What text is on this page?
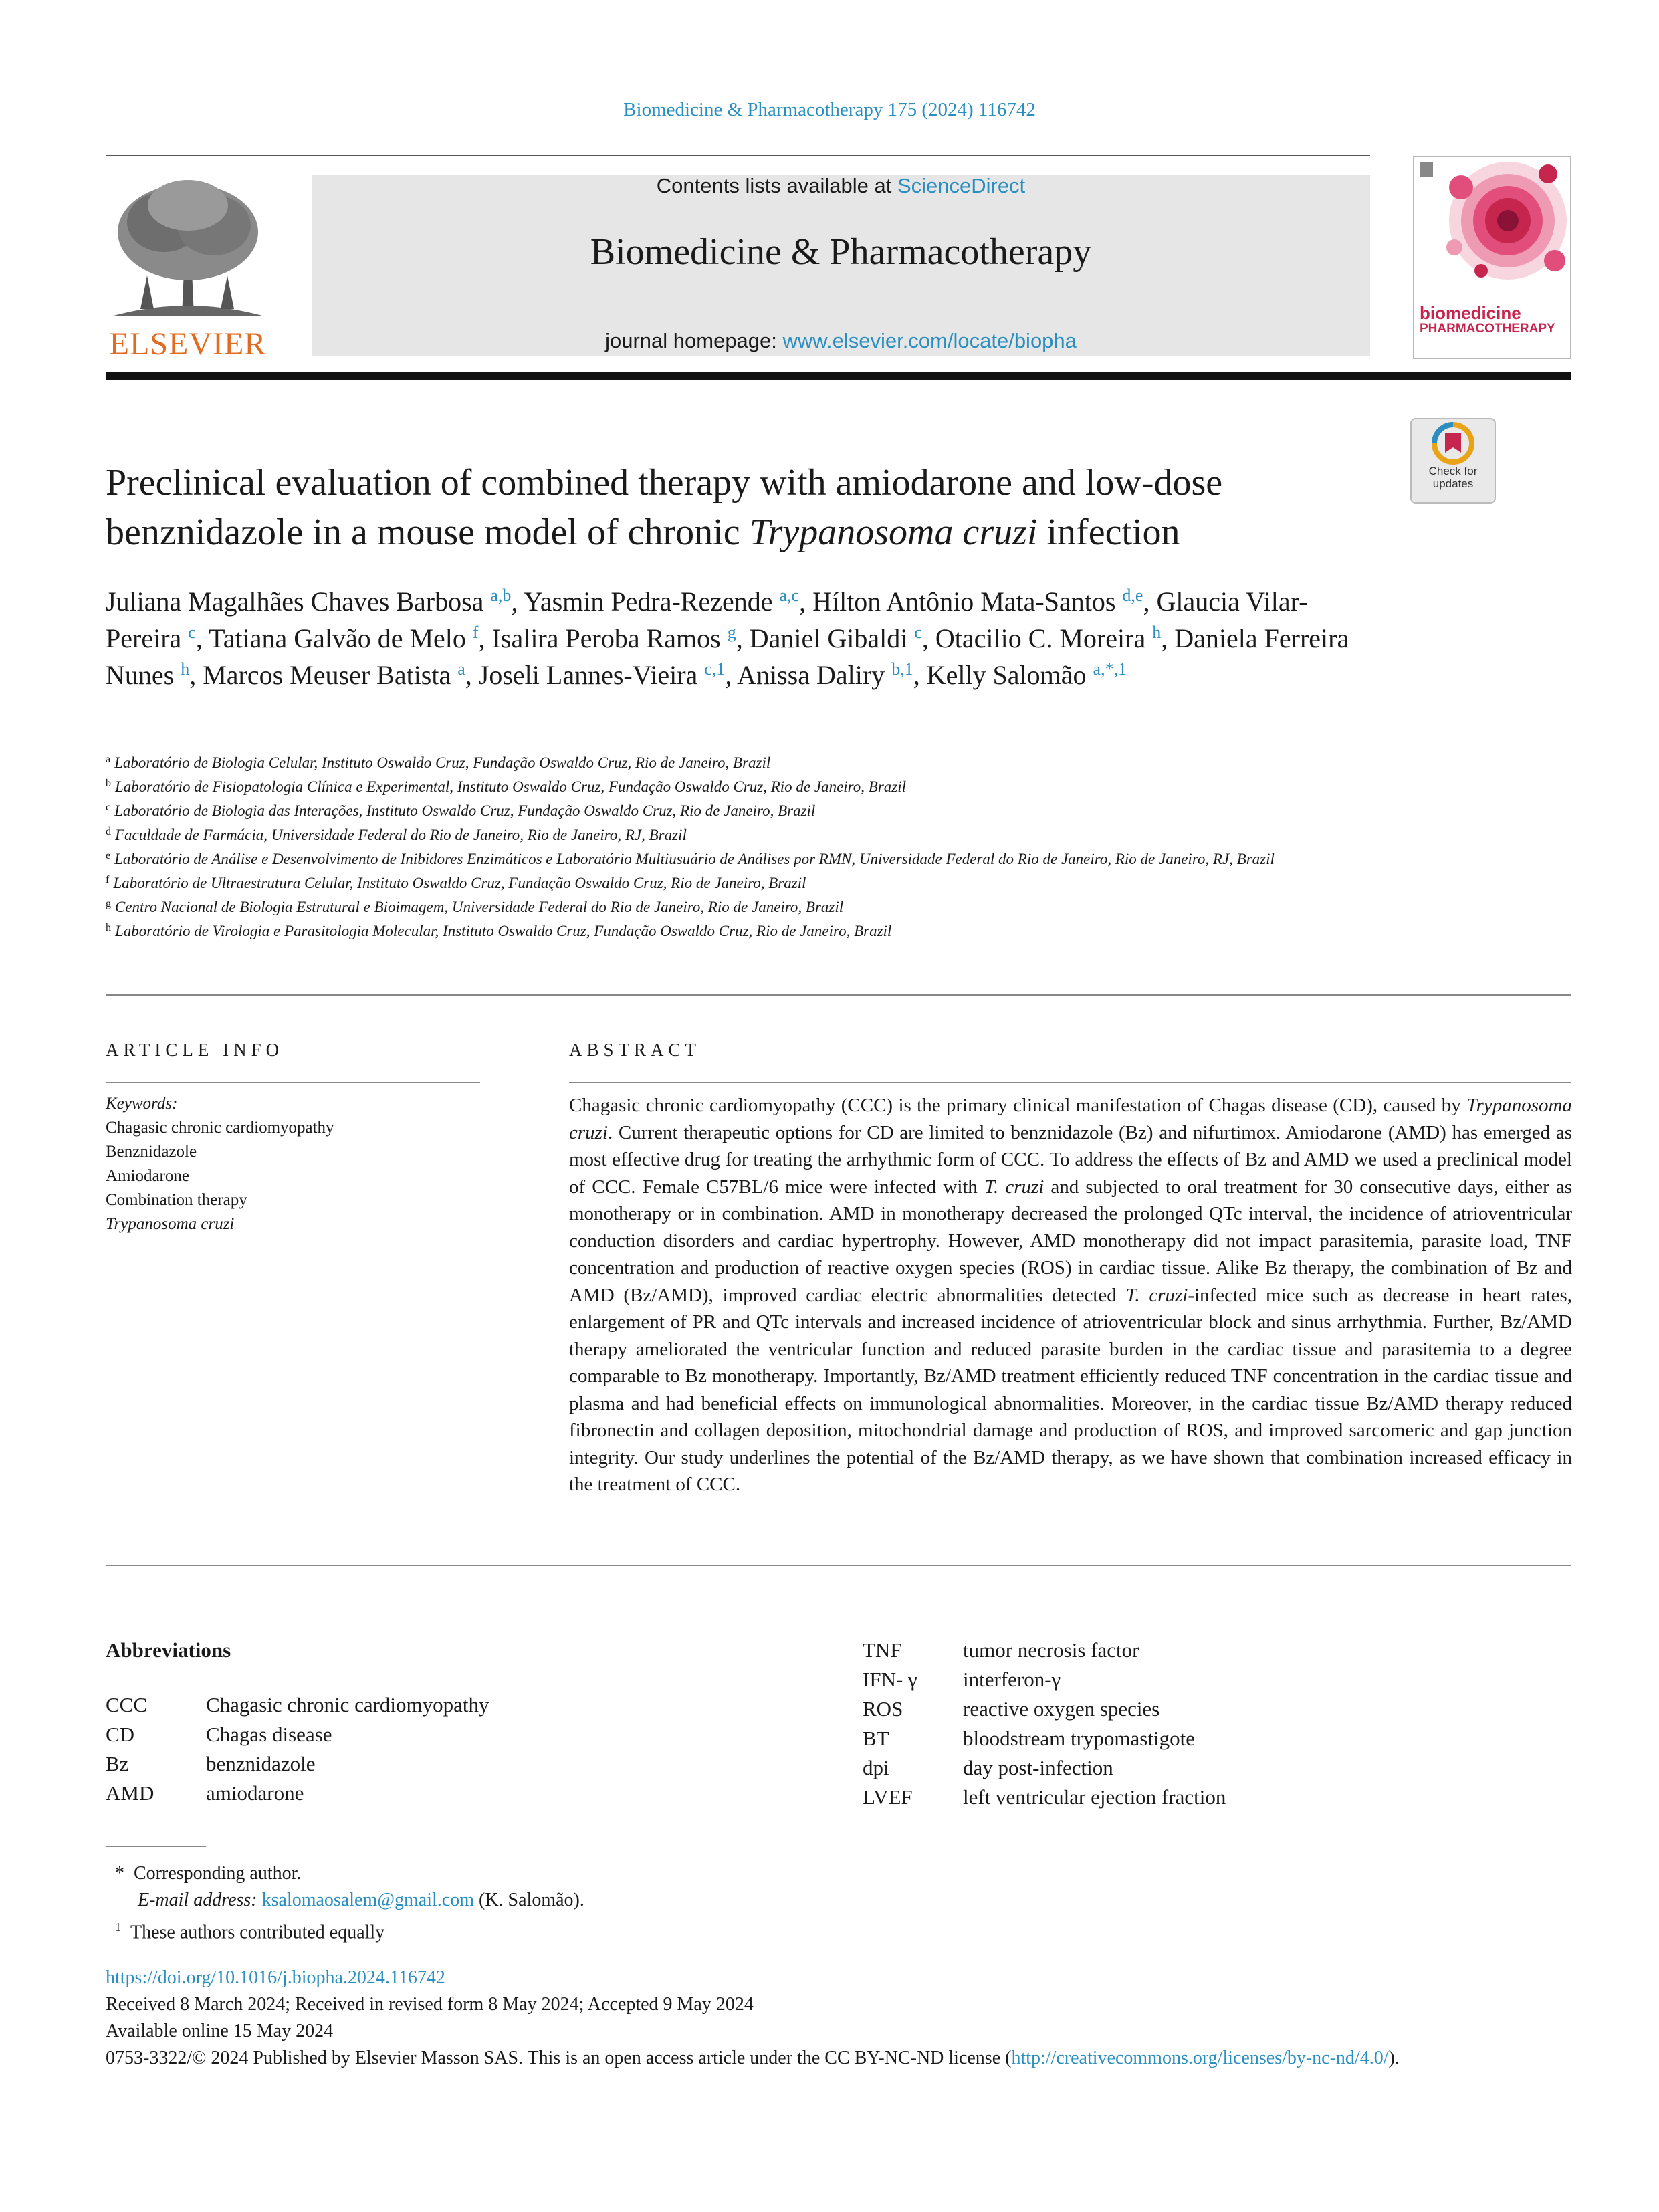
Biomedicine & Pharmacotherapy 175 (2024) 116742
ELSEVIER
Contents lists available at ScienceDirect
Biomedicine & Pharmacotherapy
journal homepage: www.elsevier.com/locate/biopha
biomedicine
PHARMACOTHERAPY
Check for updates
Preclinical evaluation of combined therapy with amiodarone and low-dose benznidazole in a mouse model of chronic Trypanosoma cruzi infection
Juliana Magalhães Chaves Barbosa $^{a,b}$, Yasmin Pedra-Rezende $^{a,c}$, Hílton Antônio Mata-Santos $^{d,e}$, Glaucia Vilar-Pereira $^c$, Tatiana Galvão de Melo $^f$, Isalira Peroba Ramos $^g$, Daniel Gibaldi $^c$, Otacilio C. Moreira $^h$, Daniela Ferreira Nunes $^h$, Marcos Meuser Batista $^a$, Joseli Lannes-Vieira $^{c,1}$, Anissa Daliry $^{b,1}$, Kelly Salomão $^{a,*,1}$
$^a$ Laboratório de Biologia Celular, Instituto Oswaldo Cruz, Fundação Oswaldo Cruz, Rio de Janeiro, Brazil
$^b$ Laboratório de Fisiopatologia Clínica e Experimental, Instituto Oswaldo Cruz, Fundação Oswaldo Cruz, Rio de Janeiro, Brazil
$^c$ Laboratório de Biologia das Interações, Instituto Oswaldo Cruz, Fundação Oswaldo Cruz, Rio de Janeiro, Brazil
$^d$ Faculdade de Farmácia, Universidade Federal do Rio de Janeiro, Rio de Janeiro, RJ, Brazil
$^e$ Laboratório de Análise e Desenvolvimento de Inibidores Enzimáticos e Laboratório Multiusuário de Análises por RMN, Universidade Federal do Rio de Janeiro, Rio de Janeiro, RJ, Brazil
$^f$ Laboratório de Ultraestrutura Celular, Instituto Oswaldo Cruz, Fundação Oswaldo Cruz, Rio de Janeiro, Brazil
$^g$ Centro Nacional de Biologia Estrutural e Bioimagem, Universidade Federal do Rio de Janeiro, Rio de Janeiro, Brazil
$^h$ Laboratório de Virologia e Parasitologia Molecular, Instituto Oswaldo Cruz, Fundação Oswaldo Cruz, Rio de Janeiro, Brazil
ARTICLE INFO
Keywords:
Chagasic chronic cardiomyopathy
Benznidazole
Amiodarone
Combination therapy
Trypanosoma cruzi
ABSTRACT
Chagasic chronic cardiomyopathy (CCC) is the primary clinical manifestation of Chagas disease (CD), caused by Trypanosoma cruzi. Current therapeutic options for CD are limited to benznidazole (Bz) and nifurtimox. Amiodarone (AMD) has emerged as most effective drug for treating the arrhythmic form of CCC. To address the effects of Bz and AMD we used a preclinical model of CCC. Female C57BL/6 mice were infected with T. cruzi and subjected to oral treatment for 30 consecutive days, either as monotherapy or in combination. AMD in monotherapy decreased the prolonged QTc interval, the incidence of atrioventricular conduction disorders and cardiac hypertrophy. However, AMD monotherapy did not impact parasitemia, parasite load, TNF concentration and production of reactive oxygen species (ROS) in cardiac tissue. Alike Bz therapy, the combination of Bz and AMD (Bz/AMD), improved cardiac electric abnormalities detected T. cruzi-infected mice such as decrease in heart rates, enlargement of PR and QTc intervals and increased incidence of atrioventricular block and sinus arrhythmia. Further, Bz/AMD therapy ameliorated the ventricular function and reduced parasite burden in the cardiac tissue and parasitemia to a degree comparable to Bz monotherapy. Importantly, Bz/AMD treatment efficiently reduced TNF concentration in the cardiac tissue and plasma and had beneficial effects on immunological abnormalities. Moreover, in the cardiac tissue Bz/AMD therapy reduced fibronectin and collagen deposition, mitochondrial damage and production of ROS, and improved sarcomeric and gap junction integrity. Our study underlines the potential of the Bz/AMD therapy, as we have shown that combination increased efficacy in the treatment of CCC.
Abbreviations
CCC	Chagasic chronic cardiomyopathy
CD	Chagas disease
Bz	benznidazole
AMD	amiodarone
TNF	tumor necrosis factor
IFN- γ interferon-γ
ROS	reactive oxygen species
BT	bloodstream trypomastigote
dpi	day post-infection
LVEF left ventricular ejection fraction
*  Corresponding author.
E-mail address: ksalomaosalem@gmail.com (K. Salomão).
$^1$ These authors contributed equally
https://doi.org/10.1016/j.biopha.2024.116742
Received 8 March 2024; Received in revised form 8 May 2024; Accepted 9 May 2024
Available online 15 May 2024
0753-3322/© 2024 Published by Elsevier Masson SAS. This is an open access article under the CC BY-NC-ND license (http://creativecommons.org/licenses/by-nc-nd/4.0/).
